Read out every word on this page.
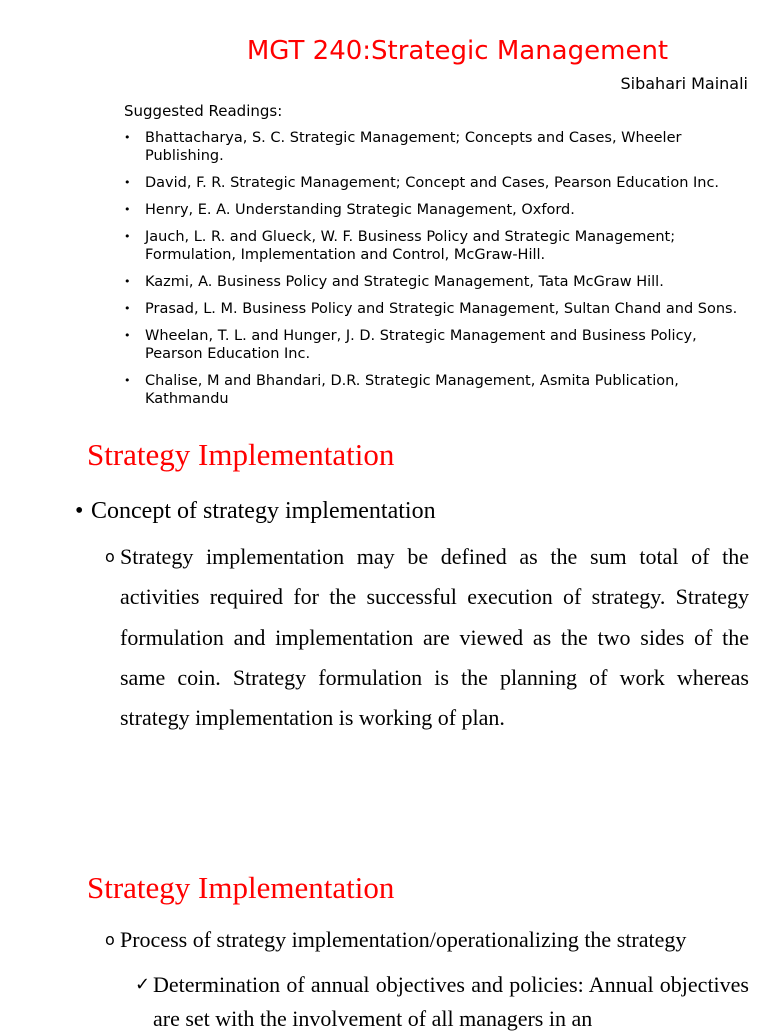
MGT 240:Strategic Management
Sibahari Mainali
Suggested Readings:
• Bhattacharya, S. C. Strategic Management; Concepts and Cases, Wheeler Publishing.
• David, F. R. Strategic Management; Concept and Cases, Pearson Education Inc.
• Henry, E. A. Understanding Strategic Management, Oxford.
• Jauch, L. R. and Glueck, W. F. Business Policy and Strategic Management; Formulation, Implementation and Control, McGraw-Hill.
• Kazmi, A. Business Policy and Strategic Management, Tata McGraw Hill.
• Prasad, L. M. Business Policy and Strategic Management, Sultan Chand and Sons.
• Wheelan, T. L. and Hunger, J. D. Strategic Management and Business Policy, Pearson Education Inc.
• Chalise, M and Bhandari, D.R. Strategic Management, Asmita Publication, Kathmandu
Strategy Implementation
• Concept of strategy implementation
o Strategy implementation may be defined as the sum total of the activities required for the successful execution of strategy. Strategy formulation and implementation are viewed as the two sides of the same coin. Strategy formulation is the planning of work whereas strategy implementation is working of plan.
Strategy Implementation
o Process of strategy implementation/operationalizing the strategy
✓ Determination of annual objectives and policies: Annual objectives are set with the involvement of all managers in an
